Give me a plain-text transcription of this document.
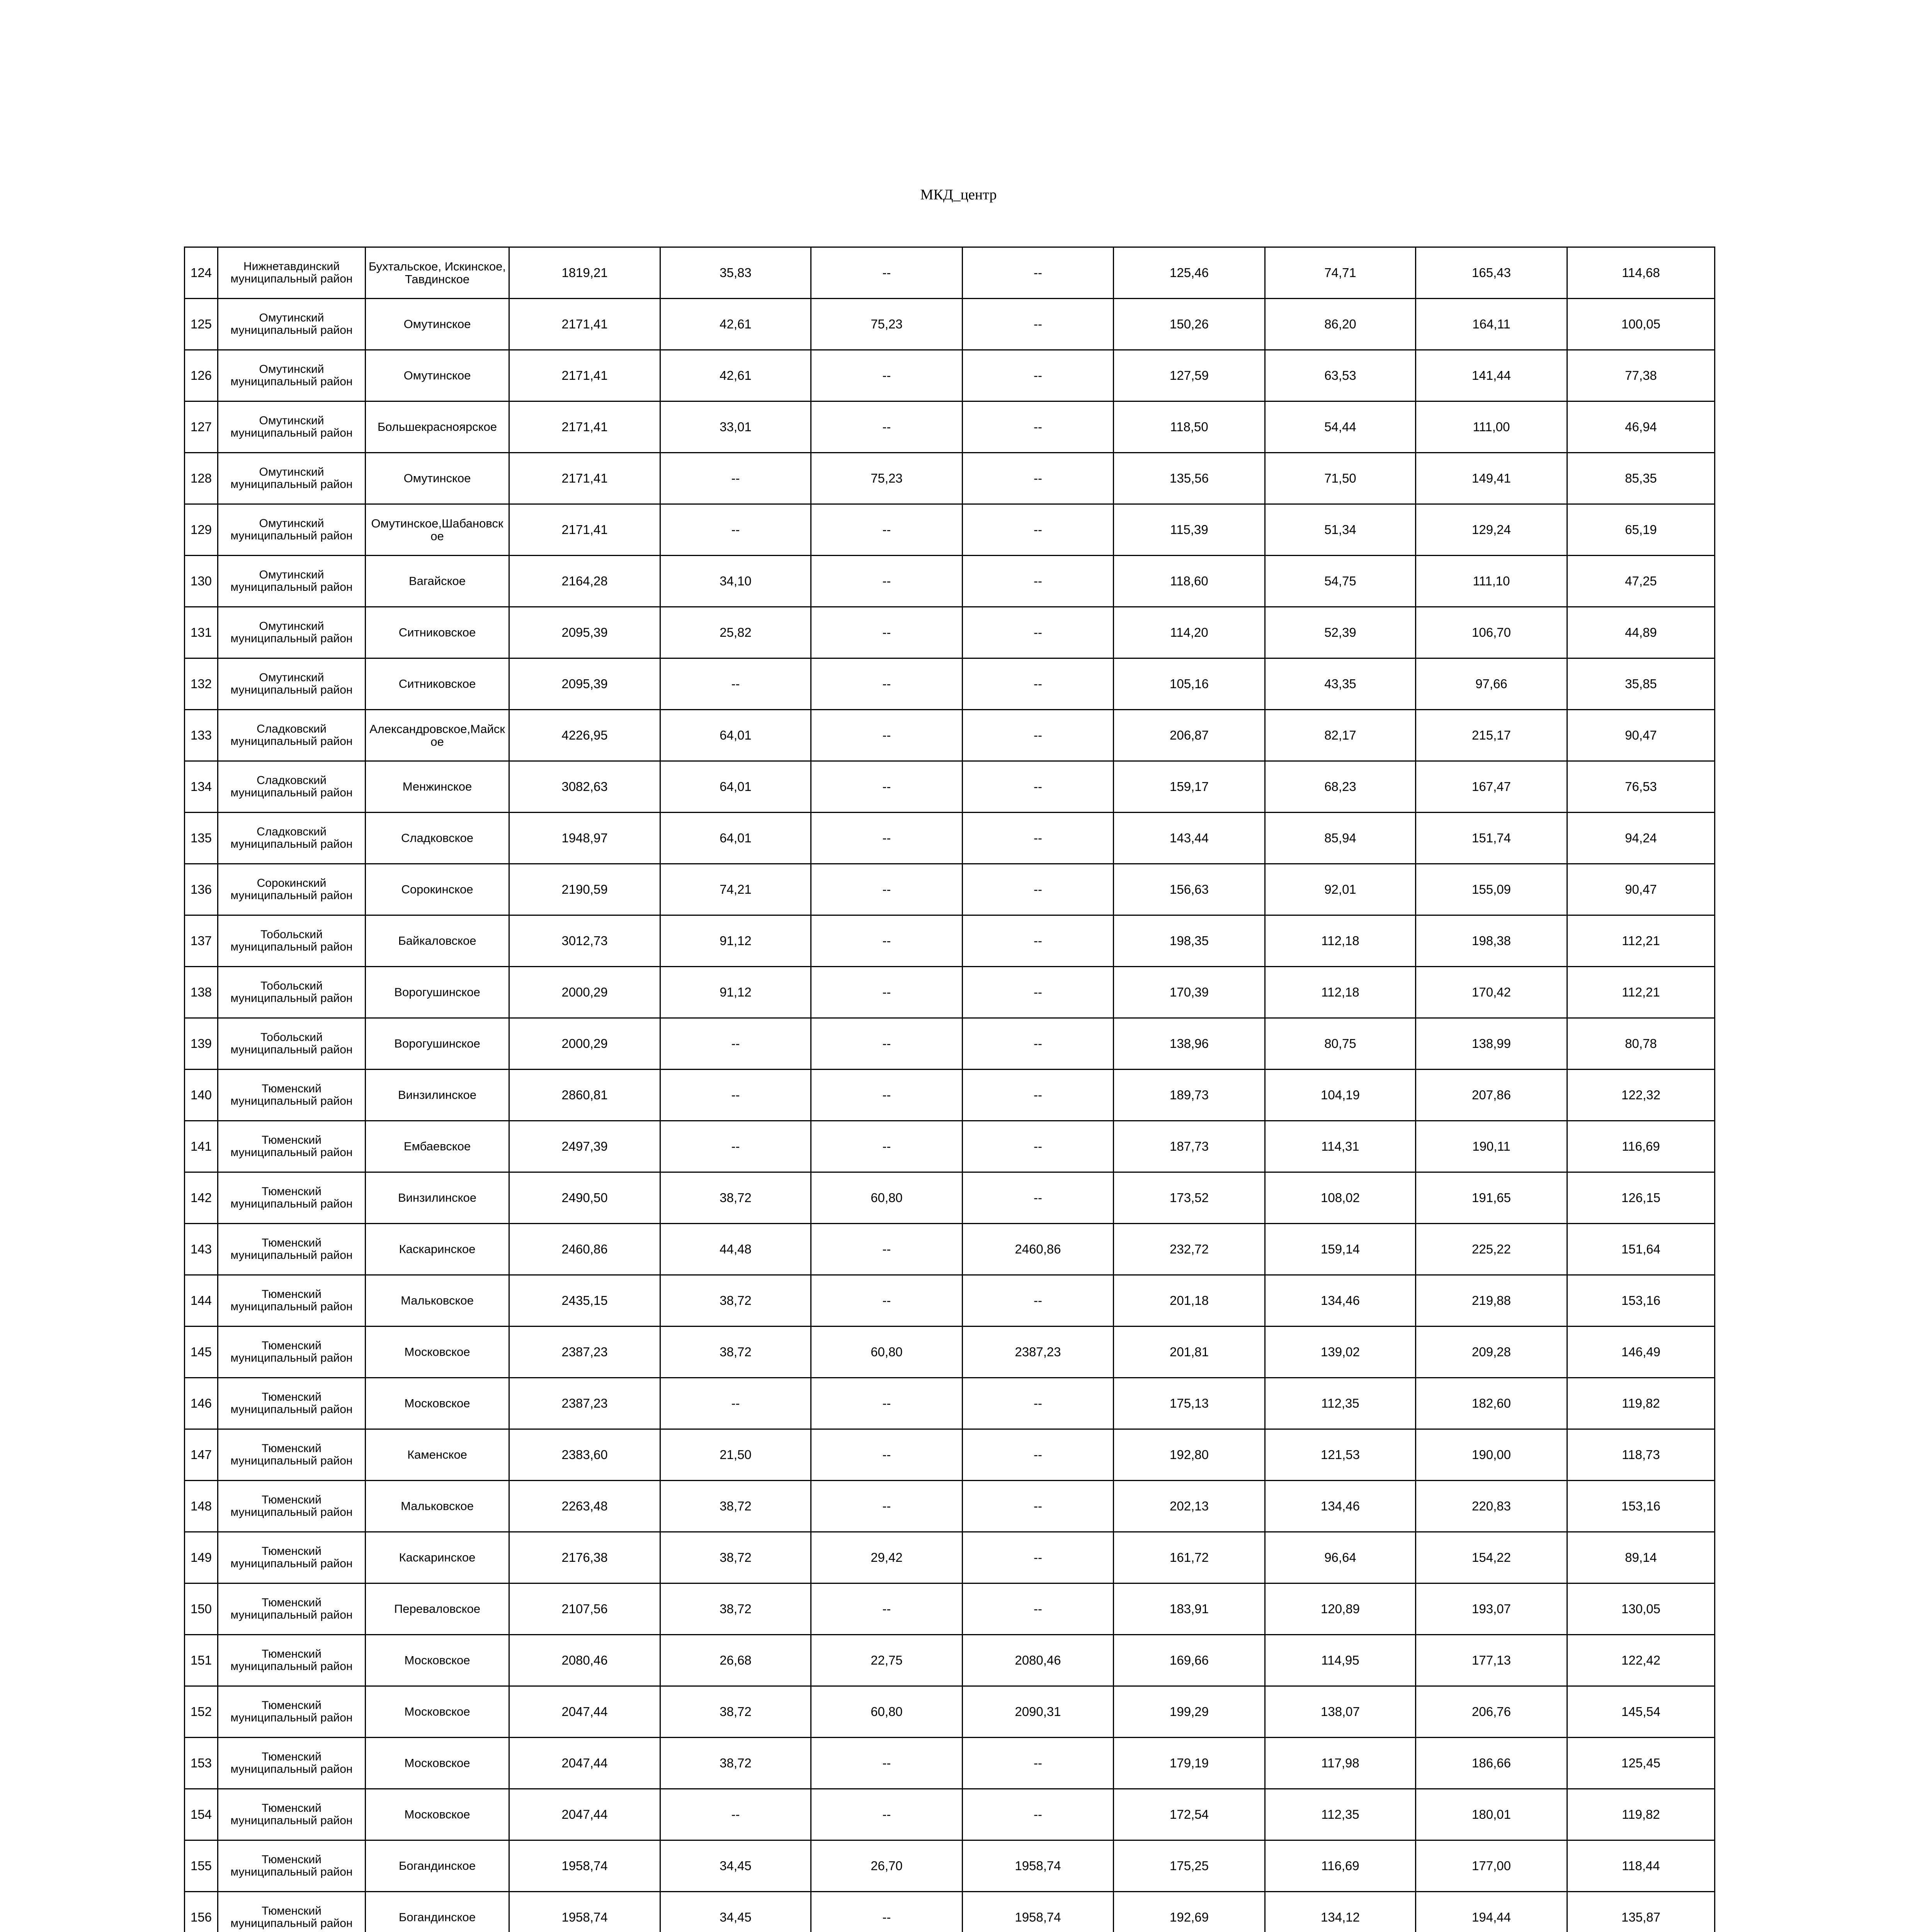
МКД_центр
124	Нижнетавдинский муниципальный район	Бухтальское, Искинское, Тавдинское	1819,21	35,83	--	--	125,46	74,71	165,43	114,68
125	Омутинский муниципальный район	Омутинское	2171,41	42,61	75,23	--	150,26	86,20	164,11	100,05
126	Омутинский муниципальный район	Омутинское	2171,41	42,61	--	--	127,59	63,53	141,44	77,38
127	Омутинский муниципальный район	Большекрасноярское	2171,41	33,01	--	--	118,50	54,44	111,00	46,94
128	Омутинский муниципальный район	Омутинское	2171,41	--	75,23	--	135,56	71,50	149,41	85,35
129	Омутинский муниципальный район	Омутинское,Шабановское	2171,41	--	--	--	115,39	51,34	129,24	65,19
130	Омутинский муниципальный район	Вагайское	2164,28	34,10	--	--	118,60	54,75	111,10	47,25
131	Омутинский муниципальный район	Ситниковское	2095,39	25,82	--	--	114,20	52,39	106,70	44,89
132	Омутинский муниципальный район	Ситниковское	2095,39	--	--	--	105,16	43,35	97,66	35,85
133	Сладковский муниципальный район	Александровское,Майское	4226,95	64,01	--	--	206,87	82,17	215,17	90,47
134	Сладковский муниципальный район	Менжинское	3082,63	64,01	--	--	159,17	68,23	167,47	76,53
135	Сладковский муниципальный район	Сладковское	1948,97	64,01	--	--	143,44	85,94	151,74	94,24
136	Сорокинский муниципальный район	Сорокинское	2190,59	74,21	--	--	156,63	92,01	155,09	90,47
137	Тобольский муниципальный район	Байкаловское	3012,73	91,12	--	--	198,35	112,18	198,38	112,21
138	Тобольский муниципальный район	Ворогушинское	2000,29	91,12	--	--	170,39	112,18	170,42	112,21
139	Тобольский муниципальный район	Ворогушинское	2000,29	--	--	--	138,96	80,75	138,99	80,78
140	Тюменский муниципальный район	Винзилинское	2860,81	--	--	--	189,73	104,19	207,86	122,32
141	Тюменский муниципальный район	Ембаевское	2497,39	--	--	--	187,73	114,31	190,11	116,69
142	Тюменский муниципальный район	Винзилинское	2490,50	38,72	60,80	--	173,52	108,02	191,65	126,15
143	Тюменский муниципальный район	Каскаринское	2460,86	44,48	--	2460,86	232,72	159,14	225,22	151,64
144	Тюменский муниципальный район	Мальковское	2435,15	38,72	--	--	201,18	134,46	219,88	153,16
145	Тюменский муниципальный район	Московское	2387,23	38,72	60,80	2387,23	201,81	139,02	209,28	146,49
146	Тюменский муниципальный район	Московское	2387,23	--	--	--	175,13	112,35	182,60	119,82
147	Тюменский муниципальный район	Каменское	2383,60	21,50	--	--	192,80	121,53	190,00	118,73
148	Тюменский муниципальный район	Мальковское	2263,48	38,72	--	--	202,13	134,46	220,83	153,16
149	Тюменский муниципальный район	Каскаринское	2176,38	38,72	29,42	--	161,72	96,64	154,22	89,14
150	Тюменский муниципальный район	Переваловское	2107,56	38,72	--	--	183,91	120,89	193,07	130,05
151	Тюменский муниципальный район	Московское	2080,46	26,68	22,75	2080,46	169,66	114,95	177,13	122,42
152	Тюменский муниципальный район	Московское	2047,44	38,72	60,80	2090,31	199,29	138,07	206,76	145,54
153	Тюменский муниципальный район	Московское	2047,44	38,72	--	--	179,19	117,98	186,66	125,45
154	Тюменский муниципальный район	Московское	2047,44	--	--	--	172,54	112,35	180,01	119,82
155	Тюменский муниципальный район	Богандинское	1958,74	34,45	26,70	1958,74	175,25	116,69	177,00	118,44
156	Тюменский муниципальный район	Богандинское	1958,74	34,45	--	1958,74	192,69	134,12	194,44	135,87
